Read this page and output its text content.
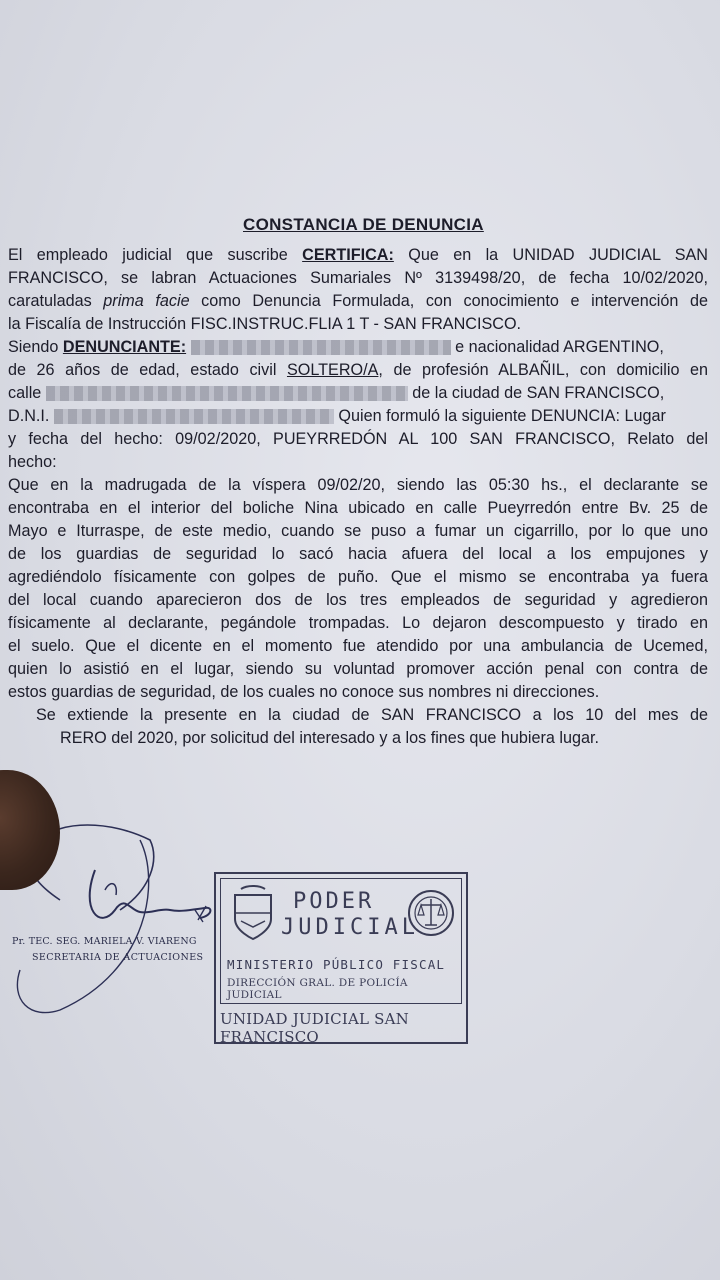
CONSTANCIA DE DENUNCIA

El empleado judicial que suscribe CERTIFICA: Que en la UNIDAD JUDICIAL SAN

FRANCISCO, se labran Actuaciones Sumariales Nº 3139498/20, de fecha 10/02/2020,

caratuladas prima facie como Denuncia Formulada, con conocimiento e intervención de

la Fiscalía de Instrucción FISC.INSTRUC.FLIA 1 T - SAN FRANCISCO.

Siendo DENUNCIANTE:	e nacionalidad ARGENTINO,

de 26 años de edad, estado civil SOLTERO/A, de profesión ALBAÑIL, con domicilio en

calle	de la ciudad de SAN FRANCISCO,

D.N.I.	Quien formuló la siguiente DENUNCIA: Lugar

y fecha del hecho: 09/02/2020, PUEYRREDÓN AL 100 SAN FRANCISCO, Relato del

hecho:

Que en la madrugada de la víspera 09/02/20, siendo las 05:30 hs., el declarante se

encontraba en el interior del boliche Nina ubicado en calle Pueyrredón entre Bv. 25 de

Mayo e Iturraspe, de este medio, cuando se puso a fumar un cigarrillo, por lo que uno

de los guardias de seguridad lo sacó hacia afuera del local a los empujones y

agrediéndolo físicamente con golpes de puño. Que el mismo se encontraba ya fuera

del local cuando aparecieron dos de los tres empleados de seguridad y agredieron

físicamente al declarante, pegándole trompadas. Lo dejaron descompuesto y tirado en

el suelo. Que el dicente en el momento fue atendido por una ambulancia de Ucemed,

quien lo asistió en el lugar, siendo su voluntad promover acción penal con contra de

estos guardias de seguridad, de los cuales no conoce sus nombres ni direcciones.

Se extiende la presente en la ciudad de SAN FRANCISCO a los 10 del mes de

RERO del 2020, por solicitud del interesado y a los fines que hubiera lugar.

Pr. TEC. SEG. MARIELA V. VIARENG

SECRETARIA DE ACTUACIONES

PODER

JUDICIAL

MINISTERIO PÚBLICO FISCAL

DIRECCIÓN GRAL. DE POLICÍA JUDICIAL

UNIDAD JUDICIAL SAN FRANCISCO
